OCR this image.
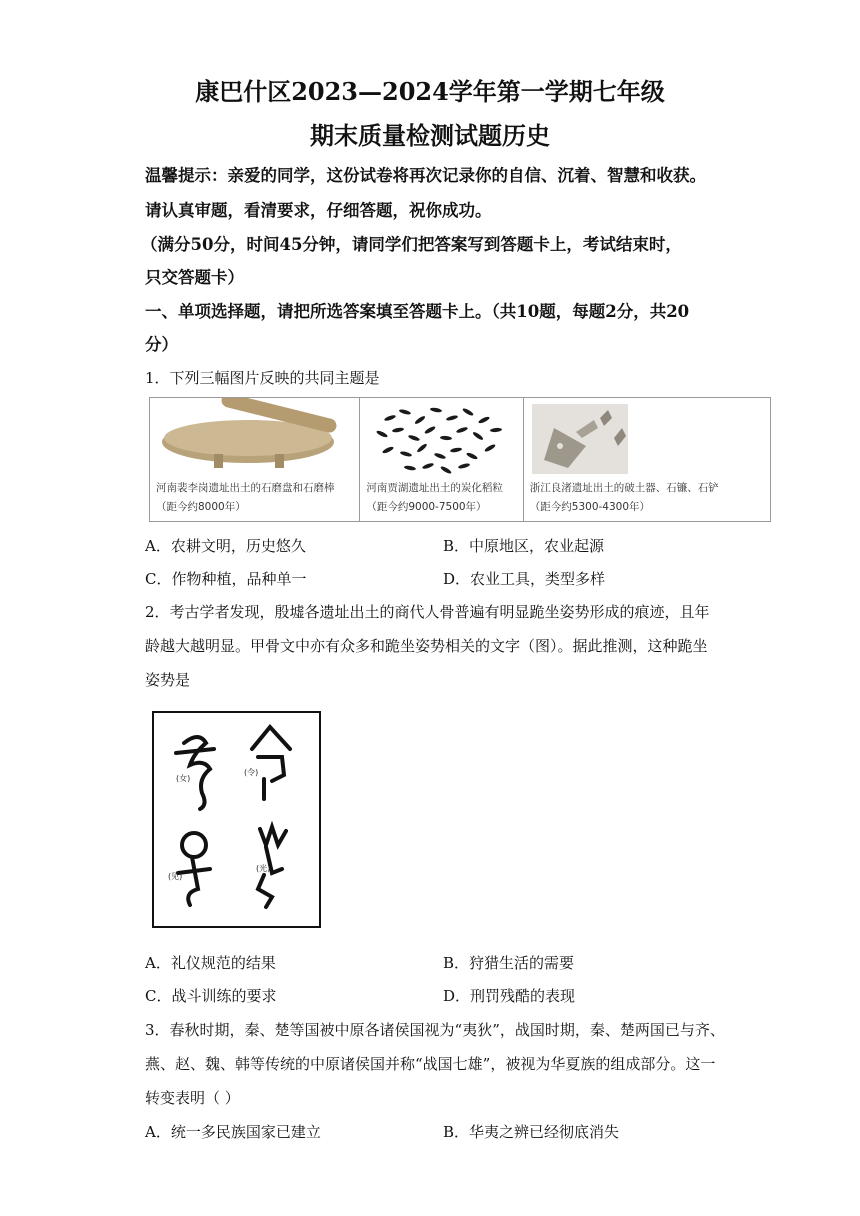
康巴什区2023—2024学年第一学期七年级
期末质量检测试题历史
温馨提示：亲爱的同学，这份试卷将再次记录你的自信、沉着、智慧和收获。
请认真审题，看清要求，仔细答题，祝你成功。
（满分50分，时间45分钟，请同学们把答案写到答题卡上，考试结束时，
只交答题卡）
一、单项选择题，请把所选答案填至答题卡上。（共10题，每题2分，共20
分）
1．下列三幅图片反映的共同主题是
河南裴李岗遗址出土的石磨盘和石磨棒
（距今约8000年）
河南贾湖遗址出土的炭化稻粒
（距今约9000-7500年）
浙江良渚遗址出土的破土器、石镰、石铲
（距今约5300-4300年）
A．农耕文明，历史悠久	B．中原地区，农业起源
C．作物种植，品种单一	D．农业工具，类型多样
2．考古学者发现，殷墟各遗址出土的商代人骨普遍有明显跪坐姿势形成的痕迹，且年
龄越大越明显。甲骨文中亦有众多和跪坐姿势相关的文字（图）。据此推测，这种跪坐
姿势是
(女)
(令)
(见)
(光)
A．礼仪规范的结果	B．狩猎生活的需要
C．战斗训练的要求	D．刑罚残酷的表现
3．春秋时期，秦、楚等国被中原各诸侯国视为“夷狄”，战国时期，秦、楚两国已与齐、
燕、赵、魏、韩等传统的中原诸侯国并称“战国七雄”，被视为华夏族的组成部分。这一
转变表明（ ）
A．统一多民族国家已建立	B．华夷之辨已经彻底消失
